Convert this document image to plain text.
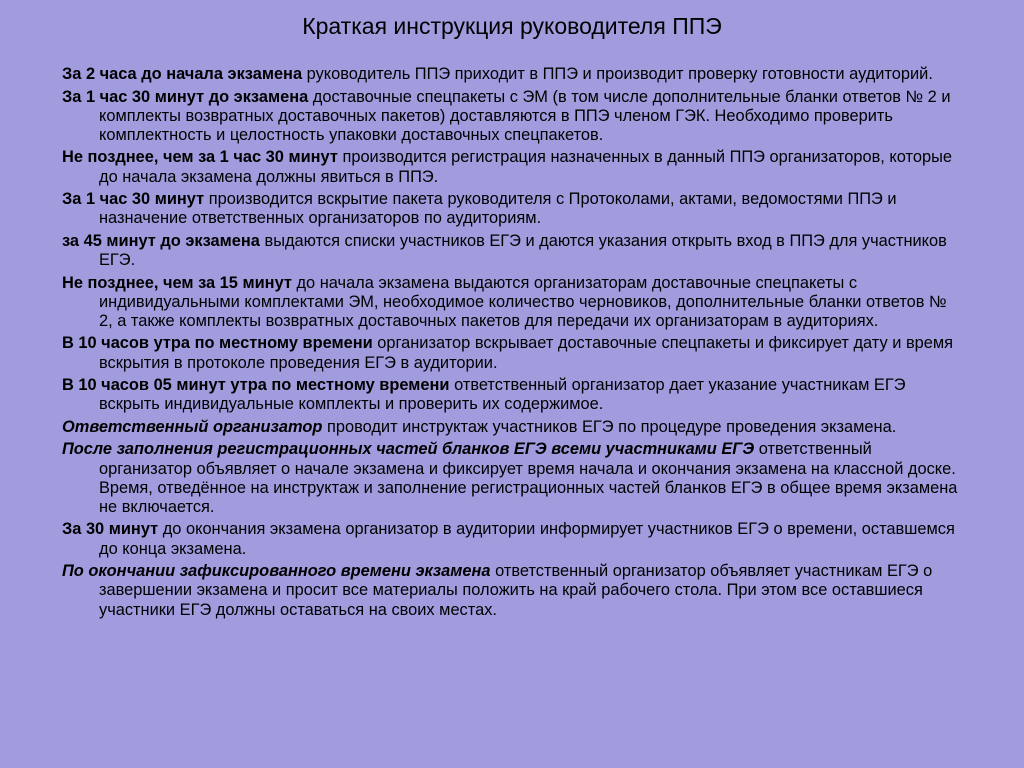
Краткая инструкция руководителя ППЭ
За 2 часа до начала экзамена руководитель ППЭ приходит в ППЭ и производит проверку готовности аудиторий.
За 1 час 30 минут до экзамена доставочные спецпакеты с ЭМ (в том числе дополнительные бланки ответов № 2 и комплекты возвратных доставочных пакетов) доставляются в ППЭ членом ГЭК. Необходимо проверить комплектность и целостность упаковки доставочных спецпакетов.
Не позднее, чем за 1 час 30 минут производится регистрация назначенных в данный ППЭ организаторов, которые до начала экзамена должны явиться в ППЭ.
За 1 час 30 минут производится вскрытие пакета руководителя с Протоколами, актами, ведомостями ППЭ и назначение ответственных организаторов по аудиториям.
за 45 минут до экзамена выдаются списки участников ЕГЭ и даются указания открыть вход в ППЭ для участников ЕГЭ.
Не позднее, чем за 15 минут до начала экзамена выдаются организаторам доставочные спецпакеты с индивидуальными комплектами ЭМ, необходимое количество черновиков, дополнительные бланки ответов № 2, а также комплекты возвратных доставочных пакетов для передачи их организаторам в аудиториях.
В 10 часов утра по местному времени организатор вскрывает доставочные спецпакеты и фиксирует дату и время вскрытия в протоколе проведения ЕГЭ в аудитории.
В 10 часов 05 минут утра по местному времени ответственный организатор дает указание участникам ЕГЭ вскрыть индивидуальные комплекты и проверить их содержимое.
Ответственный организатор проводит инструктаж участников ЕГЭ по процедуре проведения экзамена.
После заполнения регистрационных частей бланков ЕГЭ всеми участниками ЕГЭ ответственный организатор объявляет о начале экзамена и фиксирует время начала и окончания экзамена на классной доске. Время, отведённое на инструктаж и заполнение регистрационных частей бланков ЕГЭ в общее время экзамена не включается.
За 30 минут до окончания экзамена организатор в аудитории информирует участников ЕГЭ о времени, оставшемся до конца экзамена.
По окончании зафиксированного времени экзамена ответственный организатор объявляет участникам ЕГЭ о завершении экзамена и просит все материалы положить на край рабочего стола. При этом все оставшиеся участники ЕГЭ должны оставаться на своих местах.
